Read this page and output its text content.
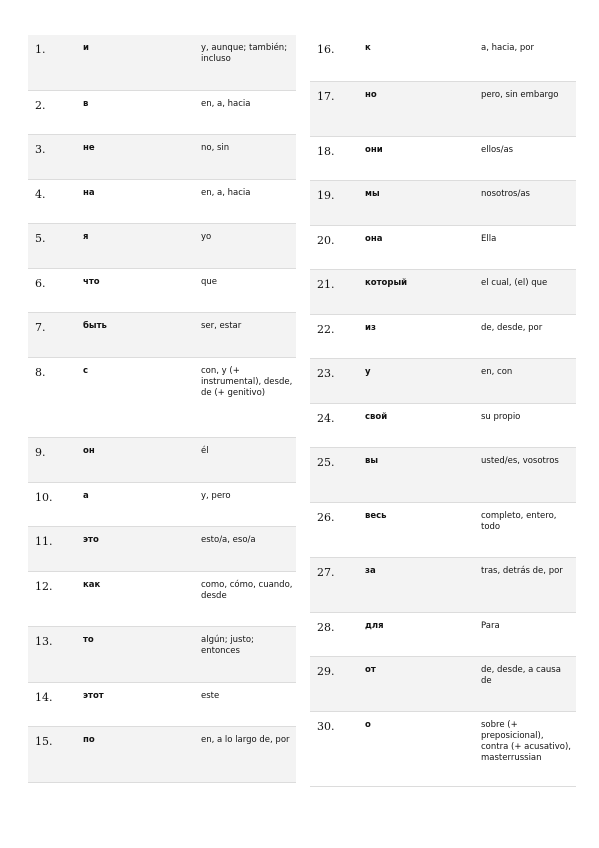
1.	и	y, aunque; también; incluso
2.	в	en, a, hacia
3.	не	no, sin
4.	на	en, a, hacia
5.	я	yo
6.	что	que
7.	быть	ser, estar
8.	с	con, y (+ instrumental), desde, de (+ genitivo)
9.	он	él
10.	а	y, pero
11.	это	esto/a, eso/a
12.	как	como, cómo, cuando, desde
13.	то	algún; justo; entonces
14.	этот	este
15.	по	en, a lo largo de, por
16.	к	a, hacia, por
17.	но	pero, sin embargo
18.	они	ellos/as
19.	мы	nosotros/as
20.	она	Ella
21.	который	el cual, (el) que
22.	из	de, desde, por
23.	у	en, con
24.	свой	su propio
25.	вы	usted/es, vosotros
26.	весь	completo, entero, todo
27.	за	tras, detrás de, por
28.	для	Para
29.	от	de, desde, a causa de
30.	о	sobre (+ preposicional), contra (+ acusativo), masterrussian
